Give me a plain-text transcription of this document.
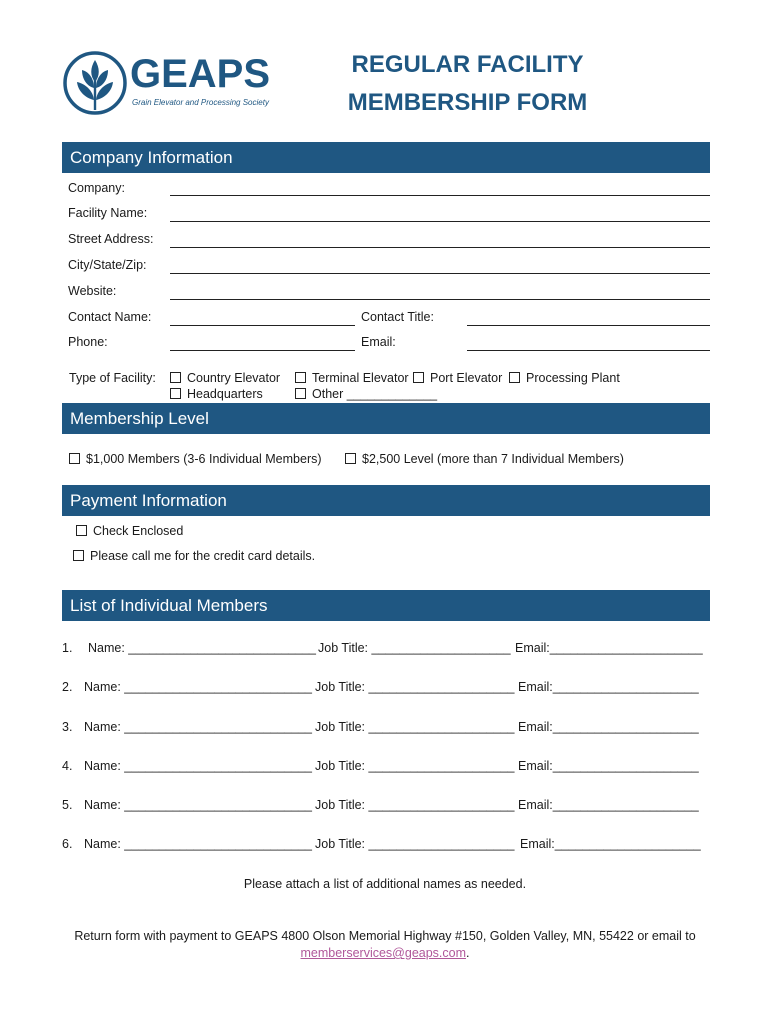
GEAPS
Grain Elevator and Processing Society
REGULAR FACILITY
MEMBERSHIP FORM
Company Information
Company:
Facility Name:
Street Address:
City/State/Zip:
Website:
Contact Name:	Contact Title:
Phone:	Email:
Type of Facility:	Country Elevator	Terminal Elevator	Port Elevator	Processing Plant
Headquarters	Other _____________
Membership Level
$1,000 Members (3-6 Individual Members)	$2,500 Level (more than 7 Individual Members)
Payment Information
Check Enclosed
Please call me for the credit card details.
List of Individual Members
1. Name: ___________________________ Job Title: ____________________ Email:______________________
2. Name: ___________________________ Job Title: _____________________ Email:_____________________
3. Name: ___________________________ Job Title: _____________________ Email:_____________________
4. Name: ___________________________ Job Title: _____________________ Email:_____________________
5. Name: ___________________________ Job Title: _____________________ Email:_____________________
6. Name: ___________________________ Job Title: _____________________ Email:_____________________
Please attach a list of additional names as needed.
Return form with payment to GEAPS 4800 Olson Memorial Highway #150, Golden Valley, MN, 55422 or email to
memberservices@geaps.com.
